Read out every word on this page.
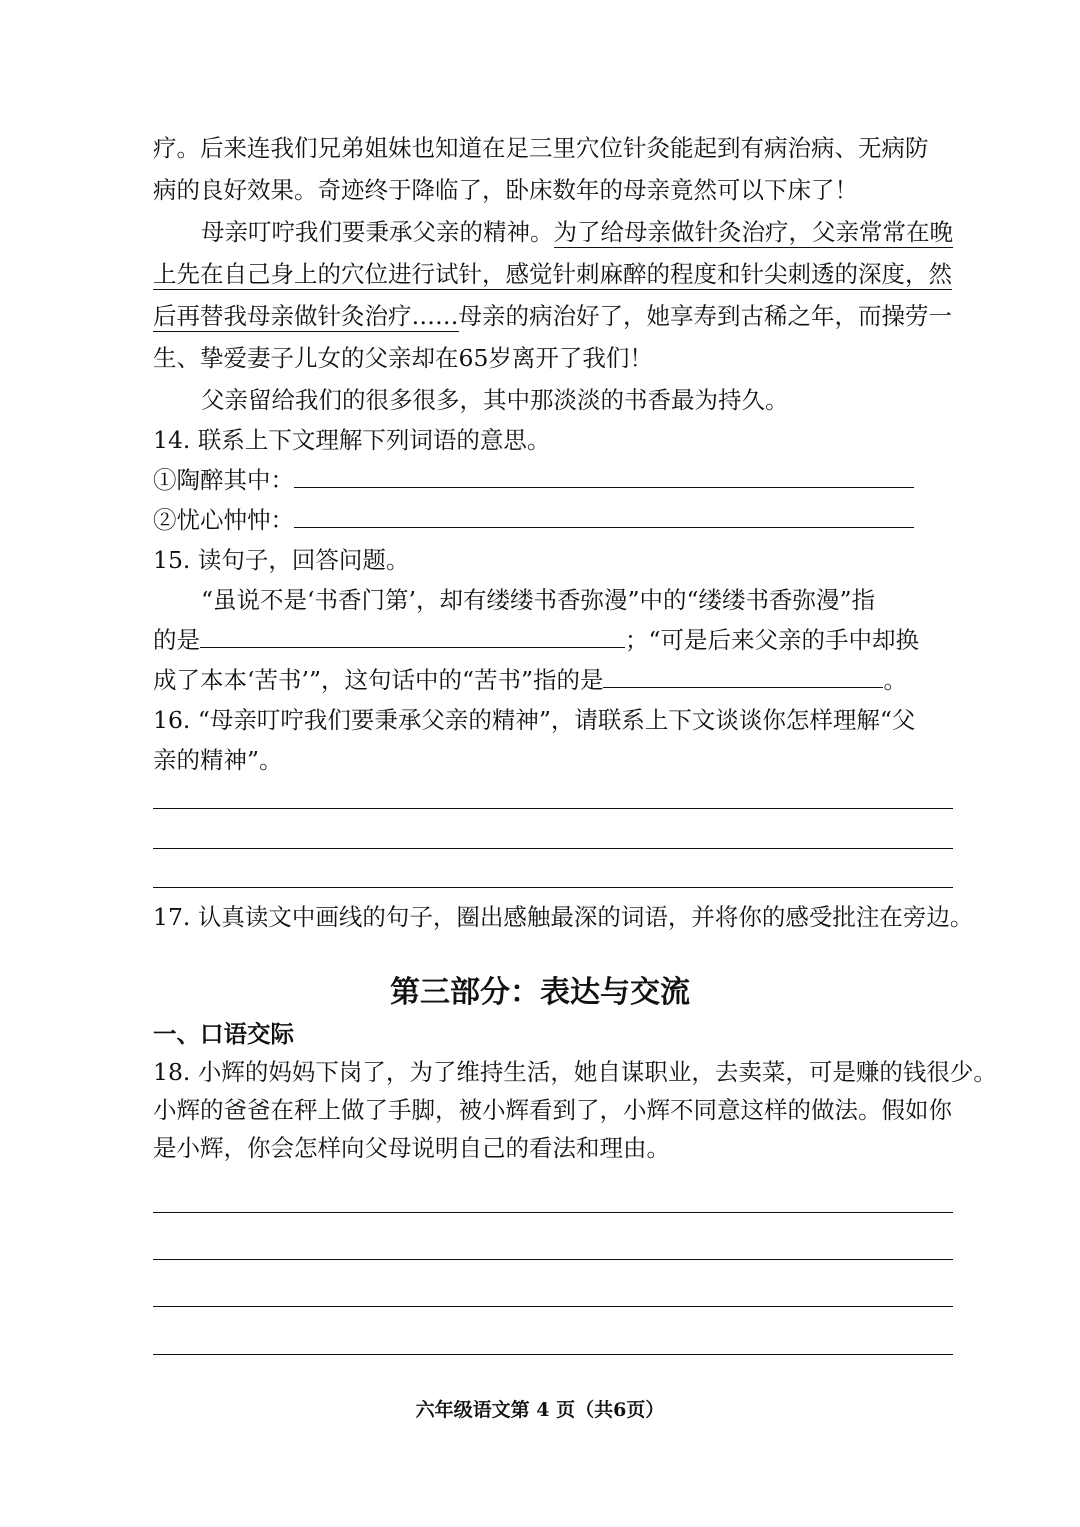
疗。后来连我们兄弟姐妹也知道在足三里穴位针灸能起到有病治病、无病防
病的良好效果。奇迹终于降临了，卧床数年的母亲竟然可以下床了！
母亲叮咛我们要秉承父亲的精神。为了给母亲做针灸治疗，父亲常常在晚
上先在自己身上的穴位进行试针，感觉针刺麻醉的程度和针尖刺透的深度，然
后再替我母亲做针灸治疗……母亲的病治好了，她享寿到古稀之年，而操劳一
生、挚爱妻子儿女的父亲却在65岁离开了我们！
父亲留给我们的很多很多，其中那淡淡的书香最为持久。
14. 联系上下文理解下列词语的意思。
①陶醉其中：
②忧心忡忡：
15. 读句子，回答问题。
“虽说不是‘书香门第’，却有缕缕书香弥漫”中的“缕缕书香弥漫”指
的是	；“可是后来父亲的手中却换
成了本本‘苦书’”，这句话中的“苦书”指的是	。
16. “母亲叮咛我们要秉承父亲的精神”，请联系上下文谈谈你怎样理解“父
亲的精神”。
17. 认真读文中画线的句子，圈出感触最深的词语，并将你的感受批注在旁边。
第三部分：表达与交流
一、口语交际
18. 小辉的妈妈下岗了，为了维持生活，她自谋职业，去卖菜，可是赚的钱很少。
小辉的爸爸在秤上做了手脚，被小辉看到了，小辉不同意这样的做法。假如你
是小辉，你会怎样向父母说明自己的看法和理由。
六年级语文第 4 页（共6页）
